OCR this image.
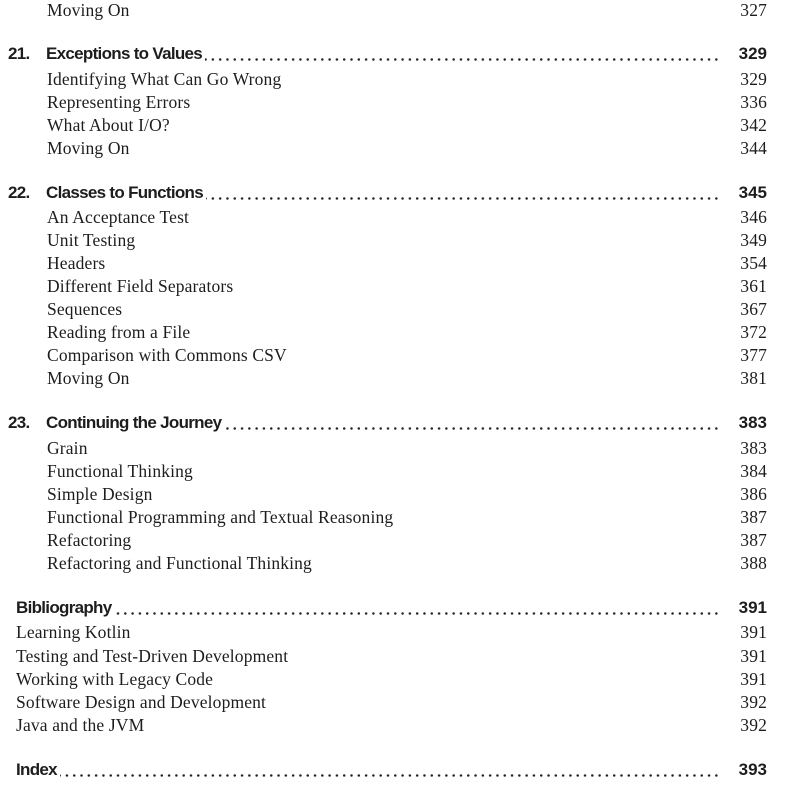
Moving On	327
21. Exceptions to Values	329
Identifying What Can Go Wrong	329
Representing Errors	336
What About I/O?	342
Moving On	344
22. Classes to Functions	345
An Acceptance Test	346
Unit Testing	349
Headers	354
Different Field Separators	361
Sequences	367
Reading from a File	372
Comparison with Commons CSV	377
Moving On	381
23. Continuing the Journey	383
Grain	383
Functional Thinking	384
Simple Design	386
Functional Programming and Textual Reasoning	387
Refactoring	387
Refactoring and Functional Thinking	388
Bibliography	391
Learning Kotlin	391
Testing and Test-Driven Development	391
Working with Legacy Code	391
Software Design and Development	392
Java and the JVM	392
Index	393
